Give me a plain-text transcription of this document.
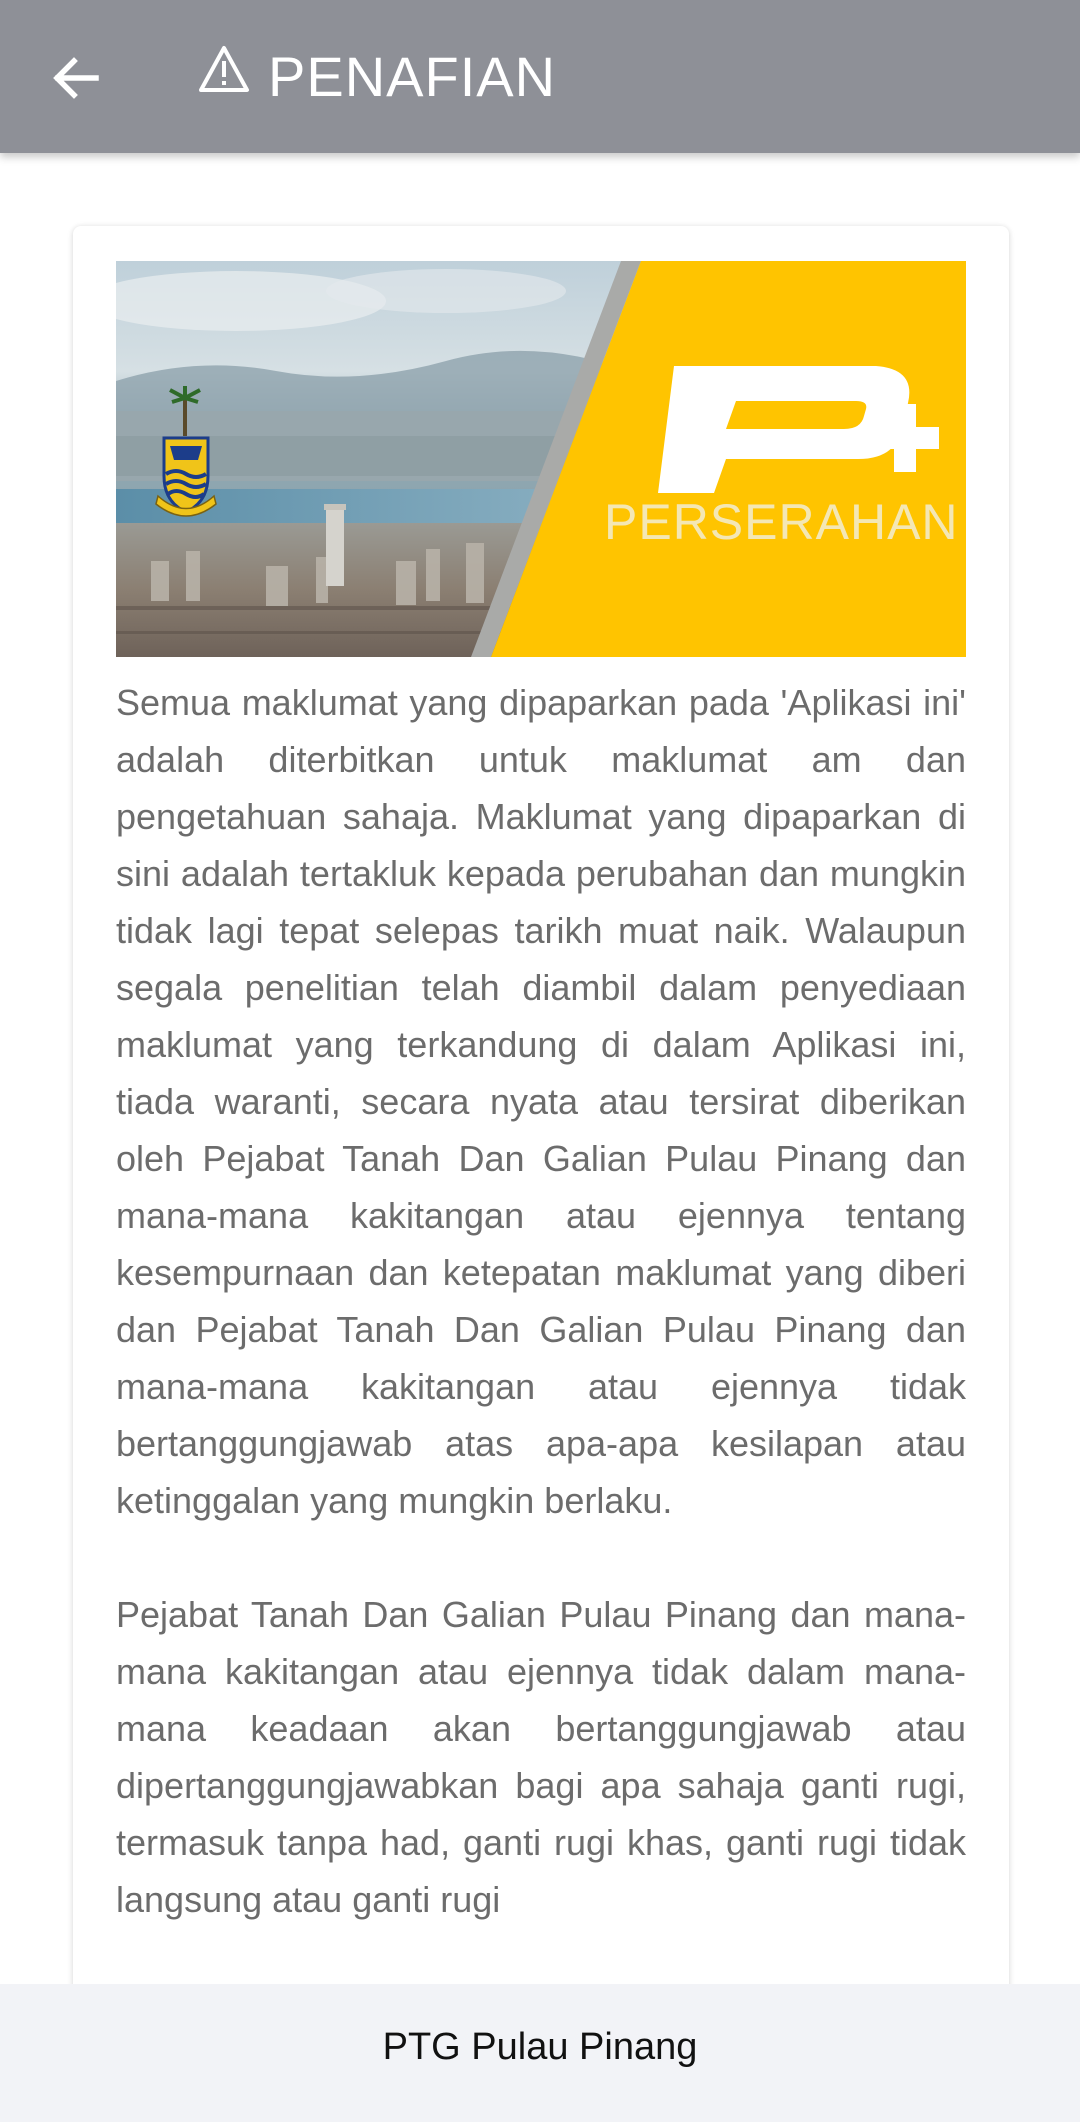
PENAFIAN
PERSERAHAN

Semua maklumat yang dipaparkan pada 'Aplikasi ini' adalah diterbitkan untuk maklumat am dan pengetahuan sahaja. Maklumat yang dipaparkan di sini adalah tertakluk kepada perubahan dan mungkin tidak lagi tepat selepas tarikh muat naik. Walaupun segala penelitian telah diambil dalam penyediaan maklumat yang terkandung di dalam Aplikasi ini, tiada waranti, secara nyata atau tersirat diberikan oleh Pejabat Tanah Dan Galian Pulau Pinang dan mana-mana kakitangan atau ejennya tentang kesempurnaan dan ketepatan maklumat yang diberi dan Pejabat Tanah Dan Galian Pulau Pinang dan mana-mana kakitangan atau ejennya tidak bertanggungjawab atas apa-apa kesilapan atau ketinggalan yang mungkin berlaku.

Pejabat Tanah Dan Galian Pulau Pinang dan mana-mana kakitangan atau ejennya tidak dalam mana-mana keadaan akan bertanggungjawab atau dipertanggungjawabkan bagi apa sahaja ganti rugi, termasuk tanpa had, ganti rugi khas, ganti rugi tidak langsung atau ganti rugi

PTG Pulau Pinang
